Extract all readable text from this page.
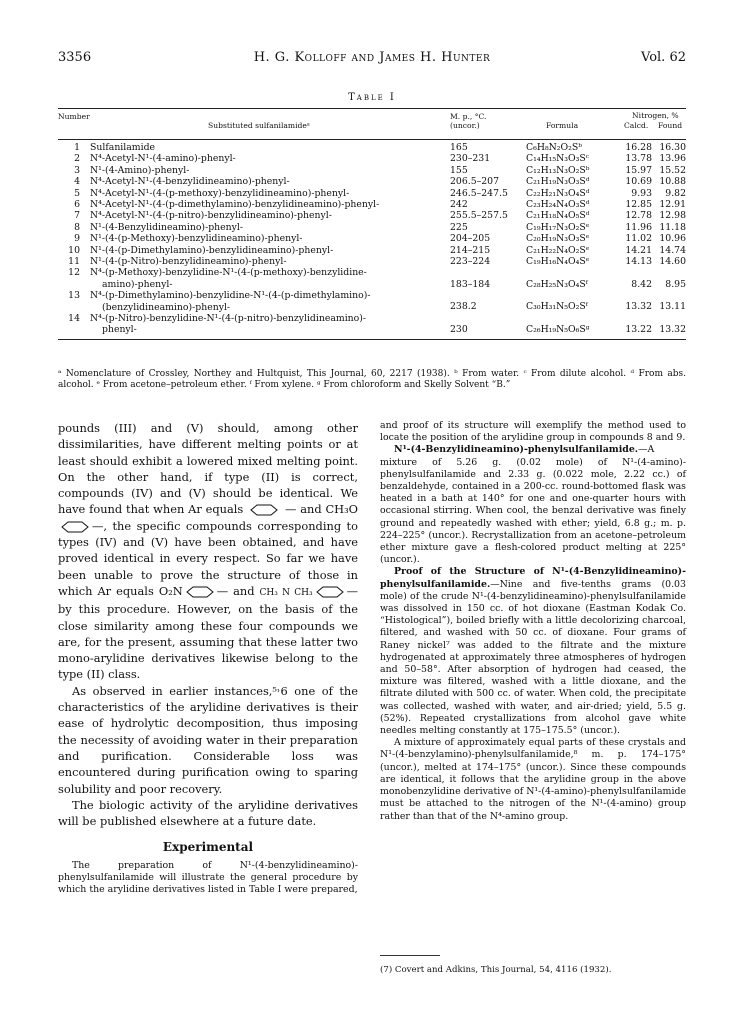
3356	H. G. Kolloff and James H. Hunter	Vol. 62
Table I
Number
Substituted sulfanilamideᵃ
M. p., °C. (uncor.)	Formula
Nitrogen, %
Calcd. Found
1 Sulfanilamide	165	C₆H₈N₂O₂Sᵇ	16.28 16.30
2 N⁴-Acetyl-N¹-(4-amino)-phenyl-	230–231	C₁₄H₁₅N₃O₃Sᶜ	13.78 13.96
3 N¹-(4-Amino)-phenyl-	155	C₁₂H₁₃N₃O₂Sᵇ	15.97 15.52
4 N⁴-Acetyl-N¹-(4-benzylidineamino)-phenyl-	206.5–207	C₂₁H₁₉N₃O₃Sᵈ	10.69 10.88
5 N⁴-Acetyl-N¹-(4-(p-methoxy)-benzylidineamino)-phenyl-	246.5–247.5	C₂₂H₂₁N₃O₄Sᵈ	9.93	9.82
6 N⁴-Acetyl-N¹-(4-(p-dimethylamino)-benzylidineamino)-phenyl-	242	C₂₃H₂₄N₄O₃Sᵈ	12.85 12.91
7 N⁴-Acetyl-N¹-(4-(p-nitro)-benzylidineamino)-phenyl-	255.5–257.5	C₂₁H₁₈N₄O₅Sᵈ	12.78 12.98
8 N¹-(4-Benzylidineamino)-phenyl-	225	C₁₉H₁₇N₃O₂Sᵉ	11.96 11.18
9 N¹-(4-(p-Methoxy)-benzylidineamino)-phenyl-	204–205	C₂₀H₁₉N₃O₃Sᵉ	11.02 10.96
10 N¹-(4-(p-Dimethylamino)-benzylidineamino)-phenyl-	214–215	C₂₁H₂₂N₄O₂Sᵉ	14.21 14.74
11 N¹-(4-(p-Nitro)-benzylidineamino)-phenyl-	223–224	C₁₉H₁₆N₄O₄Sᵉ	14.13 14.60
12 N⁴-(p-Methoxy)-benzylidine-N¹-(4-(p-methoxy)-benzylidine-
amino)-phenyl-	183–184	C₂₈H₂₅N₃O₄Sᶠ	8.42	8.95
13 N⁴-(p-Dimethylamino)-benzylidine-N¹-(4-(p-dimethylamino)-
(benzylidineamino)-phenyl-	238.2	C₃₀H₃₁N₅O₂Sᶠ	13.32 13.11
14 N⁴-(p-Nitro)-benzylidine-N¹-(4-(p-nitro)-benzylidineamino)-
phenyl-	230	C₂₆H₁₉N₅O₆Sᵍ	13.22 13.32
ᵃ Nomenclature of Crossley, Northey and Hultquist, This Journal, 60, 2217 (1938). ᵇ From water. ᶜ From dilute alcohol. ᵈ From abs. alcohol. ᵉ From acetone–petroleum ether. ᶠ From xylene. ᵍ From chloroform and Skelly Solvent “B.”

pounds (III) and (V) should, among other dissimilarities, have different melting points or at least should exhibit a lowered mixed melting point. On the other hand, if type (II) is correct, compounds (IV) and (V) should be identical. We have found that when Ar equals	— and CH₃O—, the specific compounds corresponding to types (IV) and (V) have been obtained, and have proved identical in every respect. So far we have been unable to prove the structure of those in which Ar equals O₂N	— and CH₃ N CH₃	— by this procedure. However, on the basis of the close similarity among these four compounds we are, for the present, assuming that these latter two mono-arylidine derivatives likewise belong to the type (II) class.

As observed in earlier instances,⁵˒6 one of the characteristics of the arylidine derivatives is their ease of hydrolytic decomposition, thus imposing the necessity of avoiding water in their preparation and purification. Considerable loss was encountered during purification owing to sparing solubility and poor recovery.

The biologic activity of the arylidine derivatives will be published elsewhere at a future date.

Experimental

The preparation of N¹-(4-benzylidineamino)-phenylsulfanilamide will illustrate the general procedure by which the arylidine derivatives listed in Table I were prepared,

and proof of its structure will exemplify the method used to locate the position of the arylidine group in compounds 8 and 9.

N¹-(4-Benzylidineamino)-phenylsulfanilamide.—A mixture of 5.26 g. (0.02 mole) of N¹-(4-amino)-phenylsulfanilamide and 2.33 g. (0.022 mole, 2.22 cc.) of benzaldehyde, contained in a 200-cc. round-bottomed flask was heated in a bath at 140° for one and one-quarter hours with occasional stirring. When cool, the benzal derivative was finely ground and repeatedly washed with ether; yield, 6.8 g.; m. p. 224–225° (uncor.). Recrystallization from an acetone–petroleum ether mixture gave a flesh-colored product melting at 225° (uncor.).

Proof of the Structure of N¹-(4-Benzylidineamino)-phenylsulfanilamide.—Nine and five-tenths grams (0.03 mole) of the crude N¹-(4-benzylidineamino)-phenylsulfanilamide was dissolved in 150 cc. of hot dioxane (Eastman Kodak Co. “Histological”), boiled briefly with a little decolorizing charcoal, filtered, and washed with 50 cc. of dioxane. Four grams of Raney nickel⁷ was added to the filtrate and the mixture hydrogenated at approximately three atmospheres of hydrogen and 50–58°. After absorption of hydrogen had ceased, the mixture was filtered, washed with a little dioxane, and the filtrate diluted with 500 cc. of water. When cold, the precipitate was collected, washed with water, and air-dried; yield, 5.5 g. (52%). Repeated crystallizations from alcohol gave white needles melting constantly at 175–175.5° (uncor.).

A mixture of approximately equal parts of these crystals and N¹-(4-benzylamino)-phenylsulfanilamide,⁸ m. p. 174–175° (uncor.), melted at 174–175° (uncor.). Since these compounds are identical, it follows that the arylidine group in the above monobenzylidine derivative of N¹-(4-amino)-phenylsulfanilamide must be attached to the nitrogen of the N¹-(4-amino) group rather than that of the N⁴-amino group.

(7) Covert and Adkins, This Journal, 54, 4116 (1932).
